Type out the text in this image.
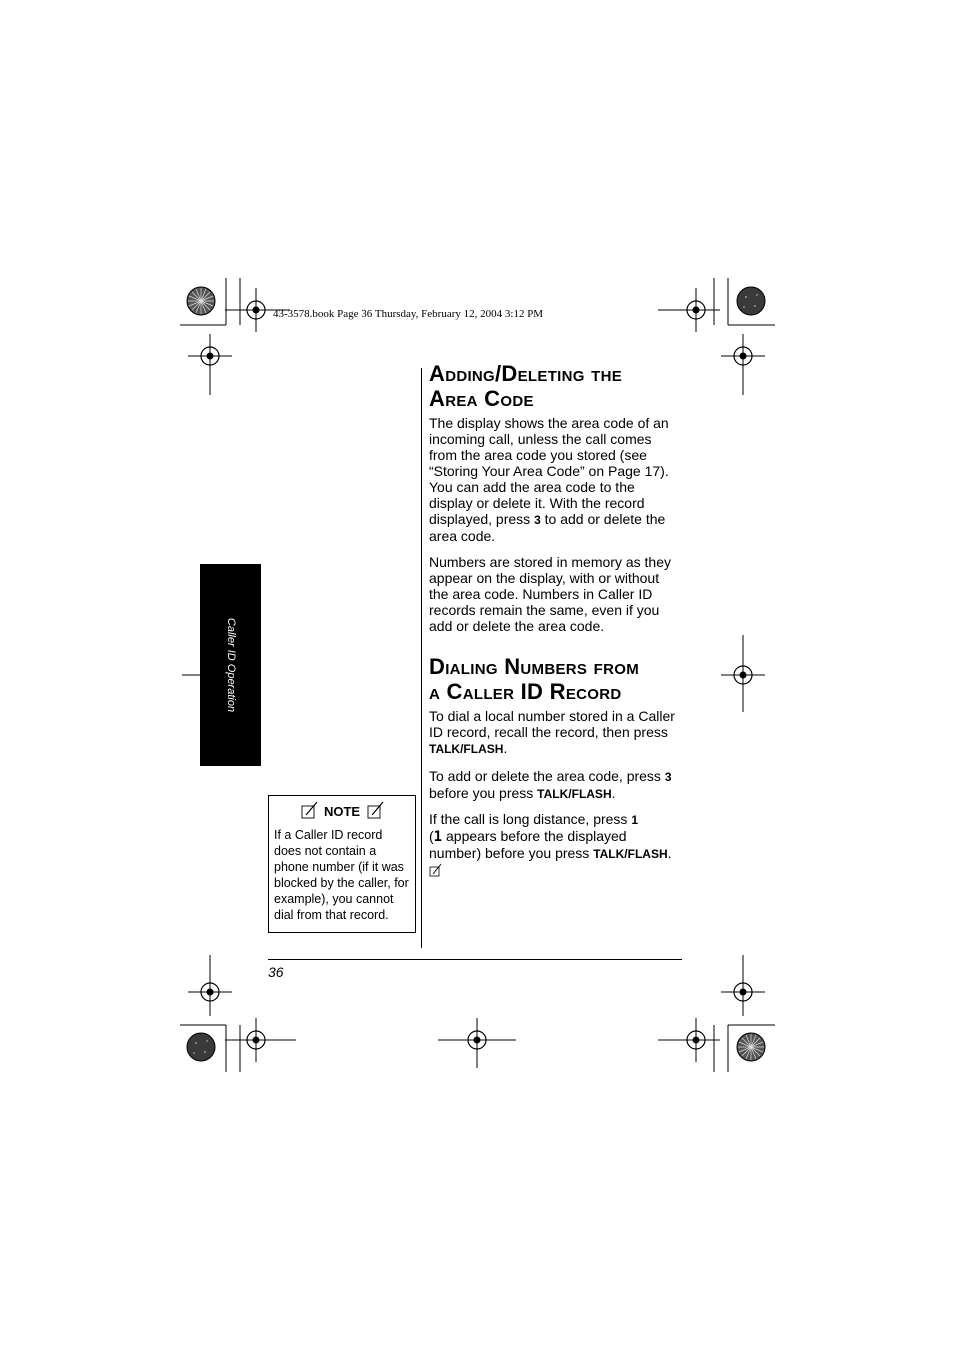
43-3578.book Page 36 Thursday, February 12, 2004 3:12 PM
Caller ID Operation
Adding/Deleting the
Area Code
The display shows the area code of an
incoming call, unless the call comes
from the area code you stored (see
“Storing Your Area Code” on Page 17).
You can add the area code to the
display or delete it. With the record
displayed, press 3 to add or delete the
area code.
Numbers are stored in memory as they
appear on the display, with or without
the area code. Numbers in Caller ID
records remain the same, even if you
add or delete the area code.
Dialing Numbers from
a Caller ID Record
To dial a local number stored in a Caller
ID record, recall the record, then press
TALK/FLASH.
To add or delete the area code, press 3
before you press TALK/FLASH.
If the call is long distance, press 1
(1 appears before the displayed
number) before you press TALK/FLASH.
NOTE
If a Caller ID record
does not contain a
phone number (if it was
blocked by the caller, for
example), you cannot
dial from that record.
36
